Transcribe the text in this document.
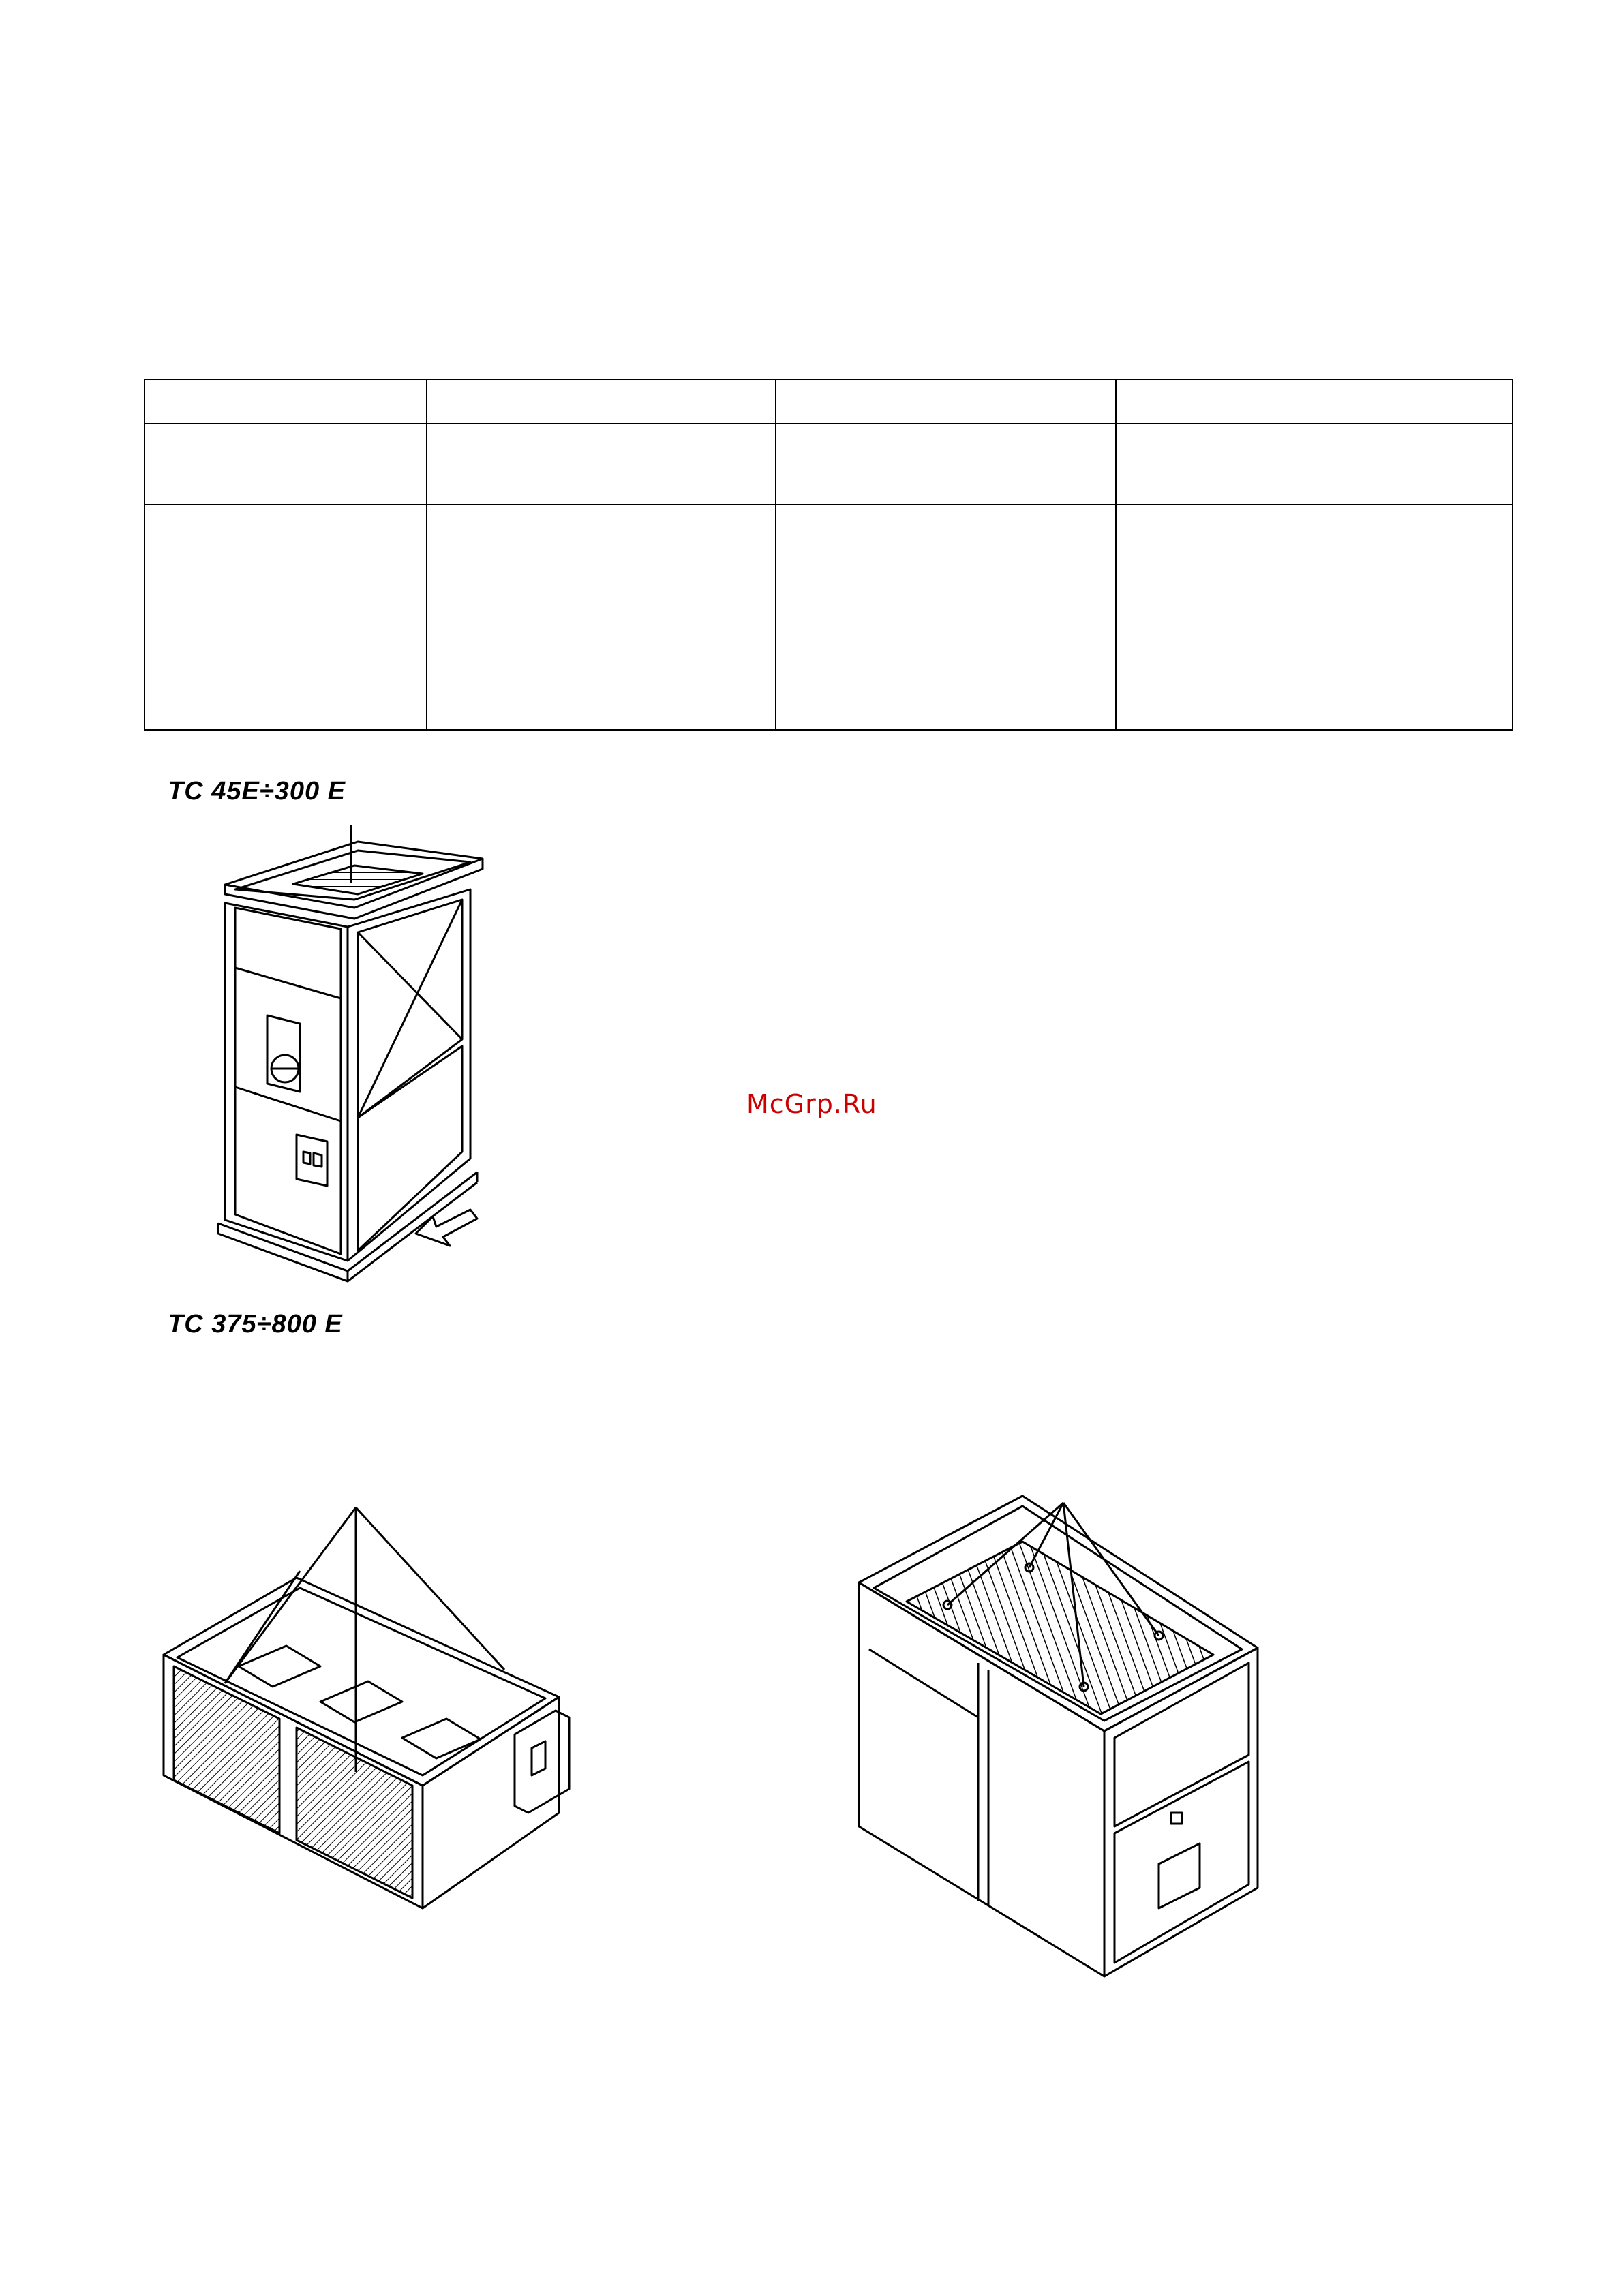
TC 45E÷300 E

McGrp.Ru

TC 375÷800 E
